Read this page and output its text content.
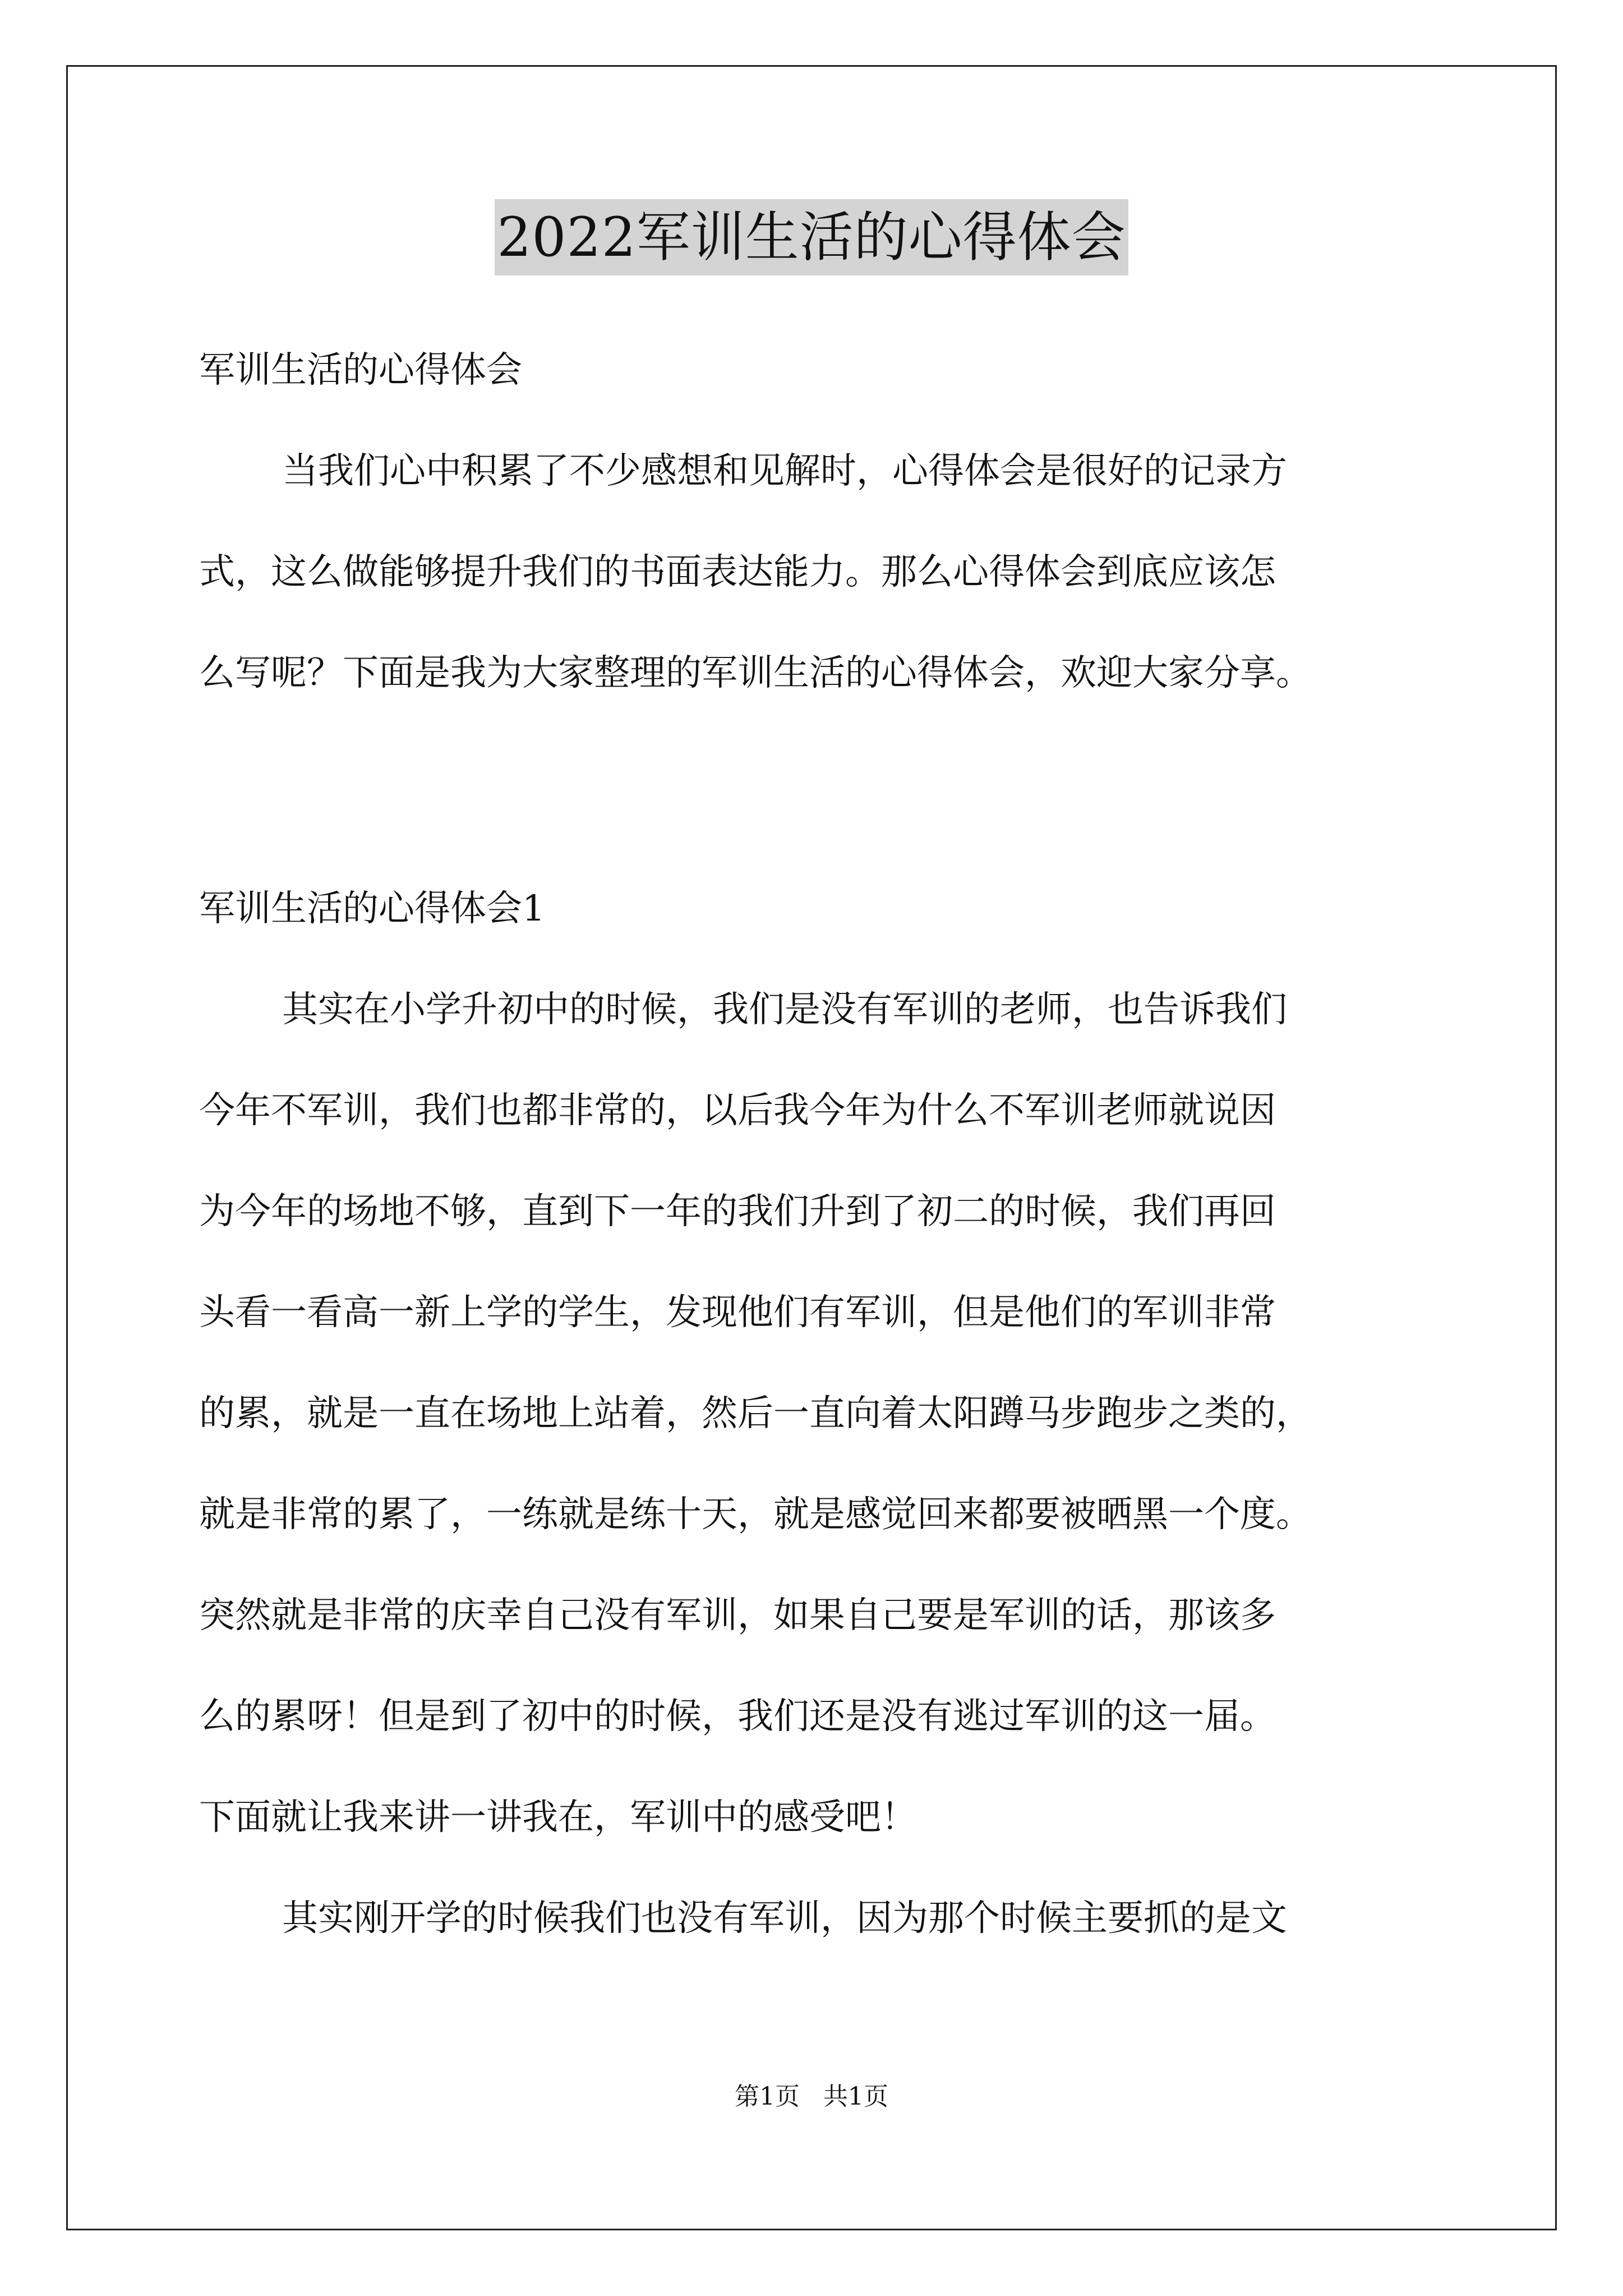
2022军训生活的心得体会
军训生活的心得体会
当我们心中积累了不少感想和见解时，心得体会是很好的记录方
式，这么做能够提升我们的书面表达能力。那么心得体会到底应该怎
么写呢？下面是我为大家整理的军训生活的心得体会，欢迎大家分享。
军训生活的心得体会1
其实在小学升初中的时候，我们是没有军训的老师，也告诉我们
今年不军训，我们也都非常的，以后我今年为什么不军训老师就说因
为今年的场地不够，直到下一年的我们升到了初二的时候，我们再回
头看一看高一新上学的学生，发现他们有军训，但是他们的军训非常
的累，就是一直在场地上站着，然后一直向着太阳蹲马步跑步之类的，
就是非常的累了，一练就是练十天，就是感觉回来都要被晒黑一个度。
突然就是非常的庆幸自己没有军训，如果自己要是军训的话，那该多
么的累呀！但是到了初中的时候，我们还是没有逃过军训的这一届。
下面就让我来讲一讲我在，军训中的感受吧！
其实刚开学的时候我们也没有军训，因为那个时候主要抓的是文
第1页   共1页
